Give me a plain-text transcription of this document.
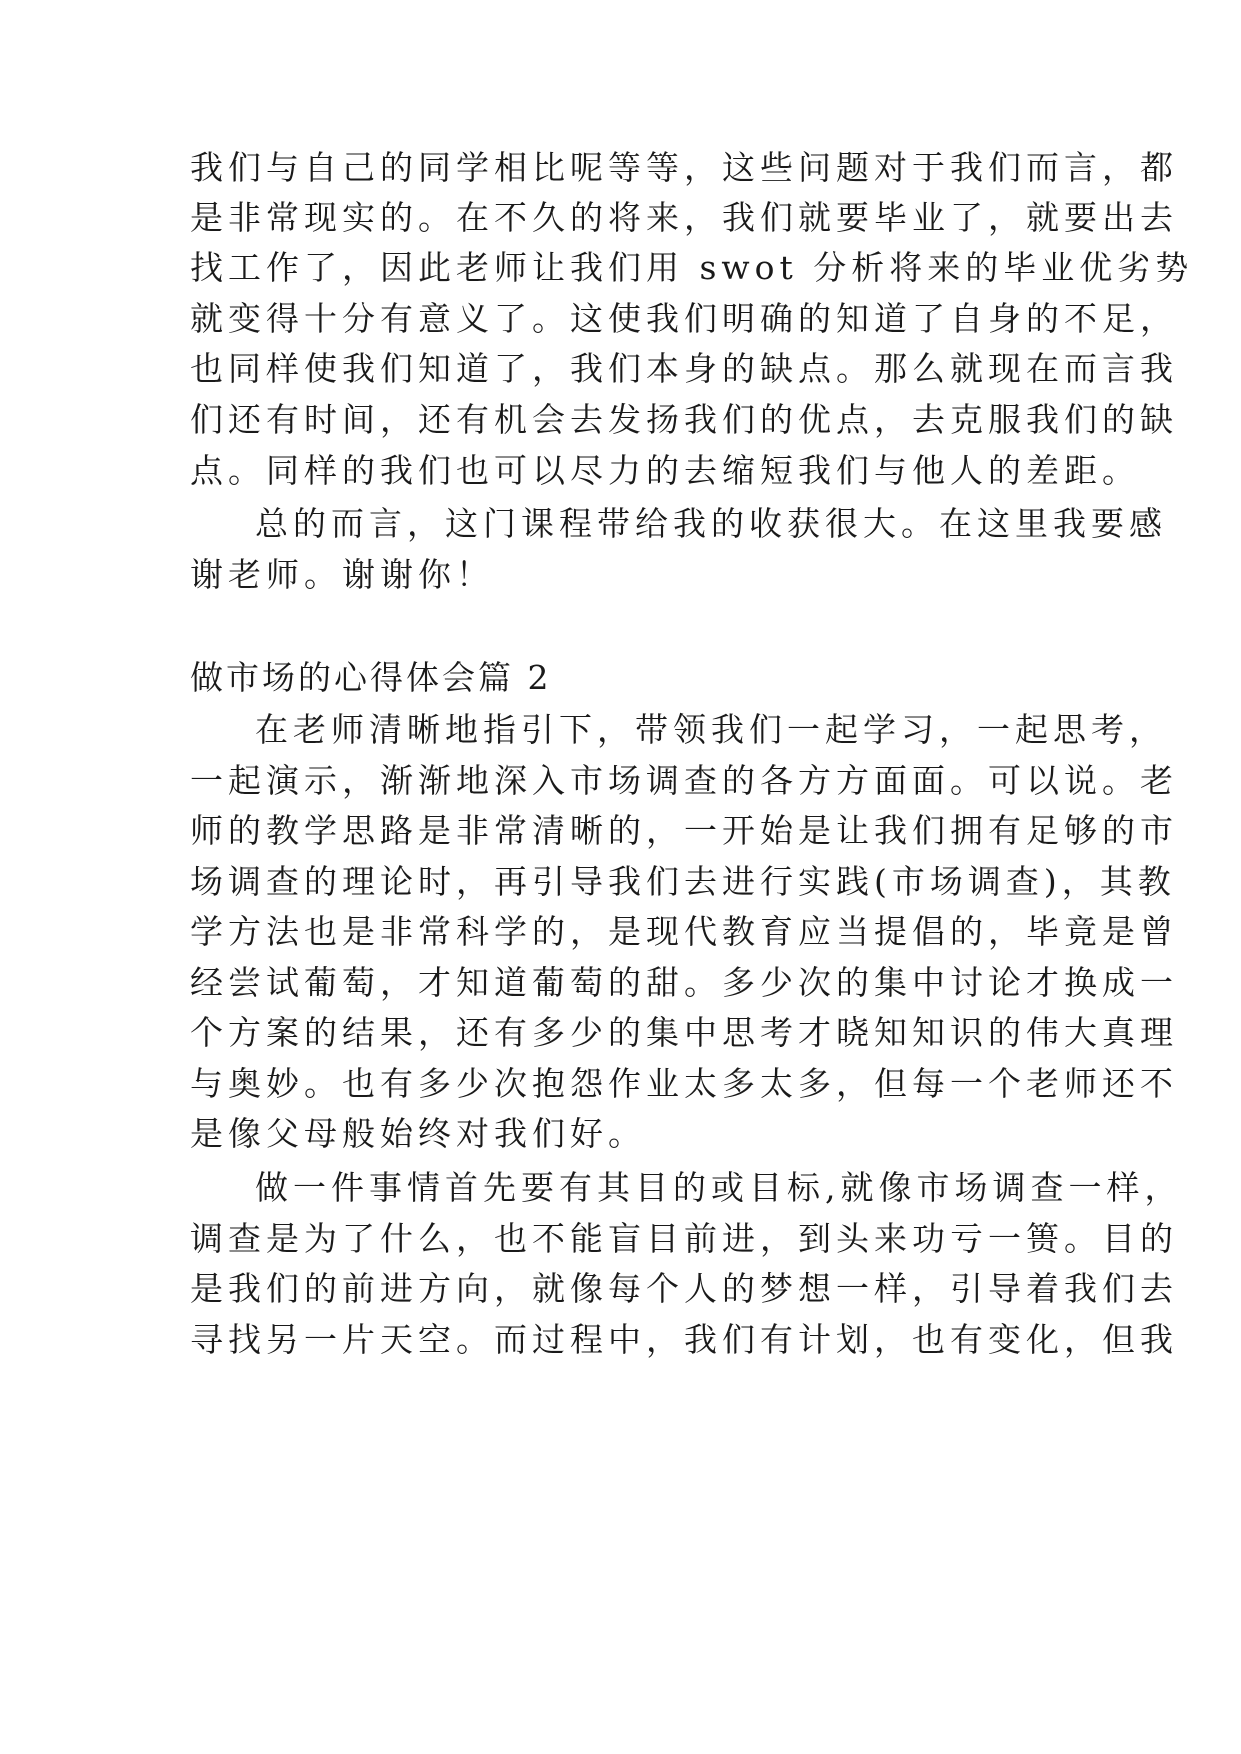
我们与自己的同学相比呢等等，这些问题对于我们而言，都
是非常现实的。在不久的将来，我们就要毕业了，就要出去
找工作了，因此老师让我们用 swot 分析将来的毕业优劣势
就变得十分有意义了。这使我们明确的知道了自身的不足，
也同样使我们知道了，我们本身的缺点。那么就现在而言我
们还有时间，还有机会去发扬我们的优点，去克服我们的缺
点。同样的我们也可以尽力的去缩短我们与他人的差距。
总的而言，这门课程带给我的收获很大。在这里我要感
谢老师。谢谢你！
做市场的心得体会篇 2
在老师清晰地指引下，带领我们一起学习，一起思考，
一起演示，渐渐地深入市场调查的各方方面面。可以说。老
师的教学思路是非常清晰的，一开始是让我们拥有足够的市
场调查的理论时，再引导我们去进行实践(市场调查)，其教
学方法也是非常科学的，是现代教育应当提倡的，毕竟是曾
经尝试葡萄，才知道葡萄的甜。多少次的集中讨论才换成一
个方案的结果，还有多少的集中思考才晓知知识的伟大真理
与奥妙。也有多少次抱怨作业太多太多，但每一个老师还不
是像父母般始终对我们好。
做一件事情首先要有其目的或目标,就像市场调查一样，
调查是为了什么，也不能盲目前进，到头来功亏一篑。目的
是我们的前进方向，就像每个人的梦想一样，引导着我们去
寻找另一片天空。而过程中，我们有计划，也有变化，但我
